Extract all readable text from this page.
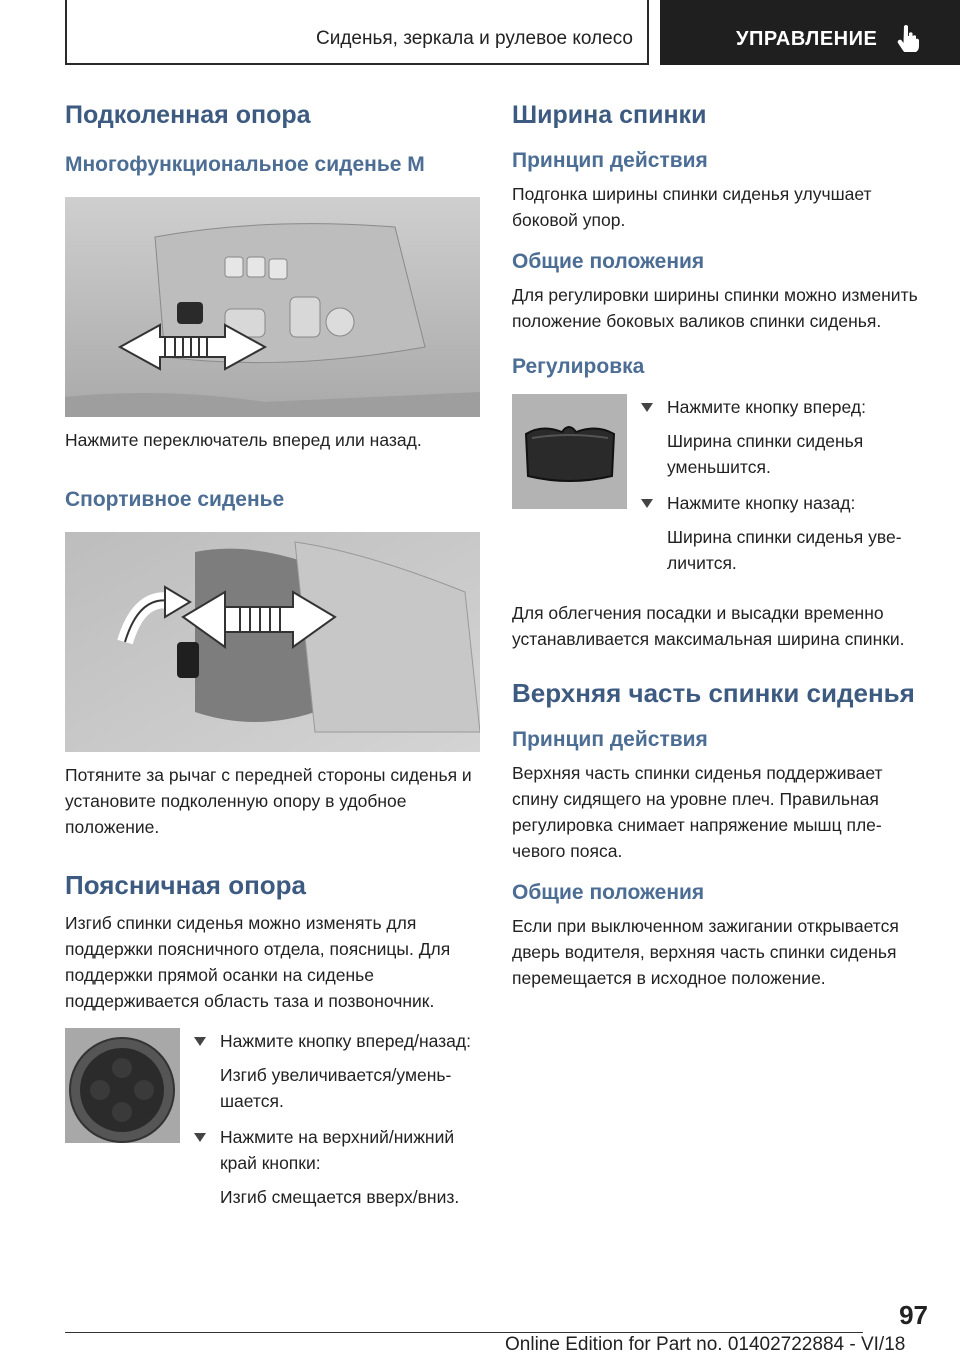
Сиденья, зеркала и рулевое колесо	УПРАВЛЕНИЕ
Подколенная опора
Многофункциональное сиденье M
Нажмите переключатель вперед или назад.
Спортивное сиденье
Потяните за рычаг с передней стороны сиденья и установите подколенную опору в удобное положение.
Поясничная опора
Изгиб спинки сиденья можно изменять для поддержки поясничного отдела, поясницы. Для поддержки прямой осанки на сиденье поддерживается область таза и позвоночник.
Нажмите кнопку вперед/назад:
Изгиб увеличивается/уменьшается.
Нажмите на верхний/нижний край кнопки:
Изгиб смещается вверх/вниз.
Ширина спинки
Принцип действия
Подгонка ширины спинки сиденья улучшает боковой упор.
Общие положения
Для регулировки ширины спинки можно изменить положение боковых валиков спинки сиденья.
Регулировка
Нажмите кнопку вперед:
Ширина спинки сиденья уменьшится.
Нажмите кнопку назад:
Ширина спинки сиденья увеличится.
Для облегчения посадки и высадки временно устанавливается максимальная ширина спинки.
Верхняя часть спинки сиденья
Принцип действия
Верхняя часть спинки сиденья поддерживает спину сидящего на уровне плеч. Правильная регулировка снимает напряжение мышц плечевого пояса.
Общие положения
Если при выключенном зажигании открывается дверь водителя, верхняя часть спинки сиденья перемещается в исходное положение.
97
Online Edition for Part no. 01402722884 - VI/18
